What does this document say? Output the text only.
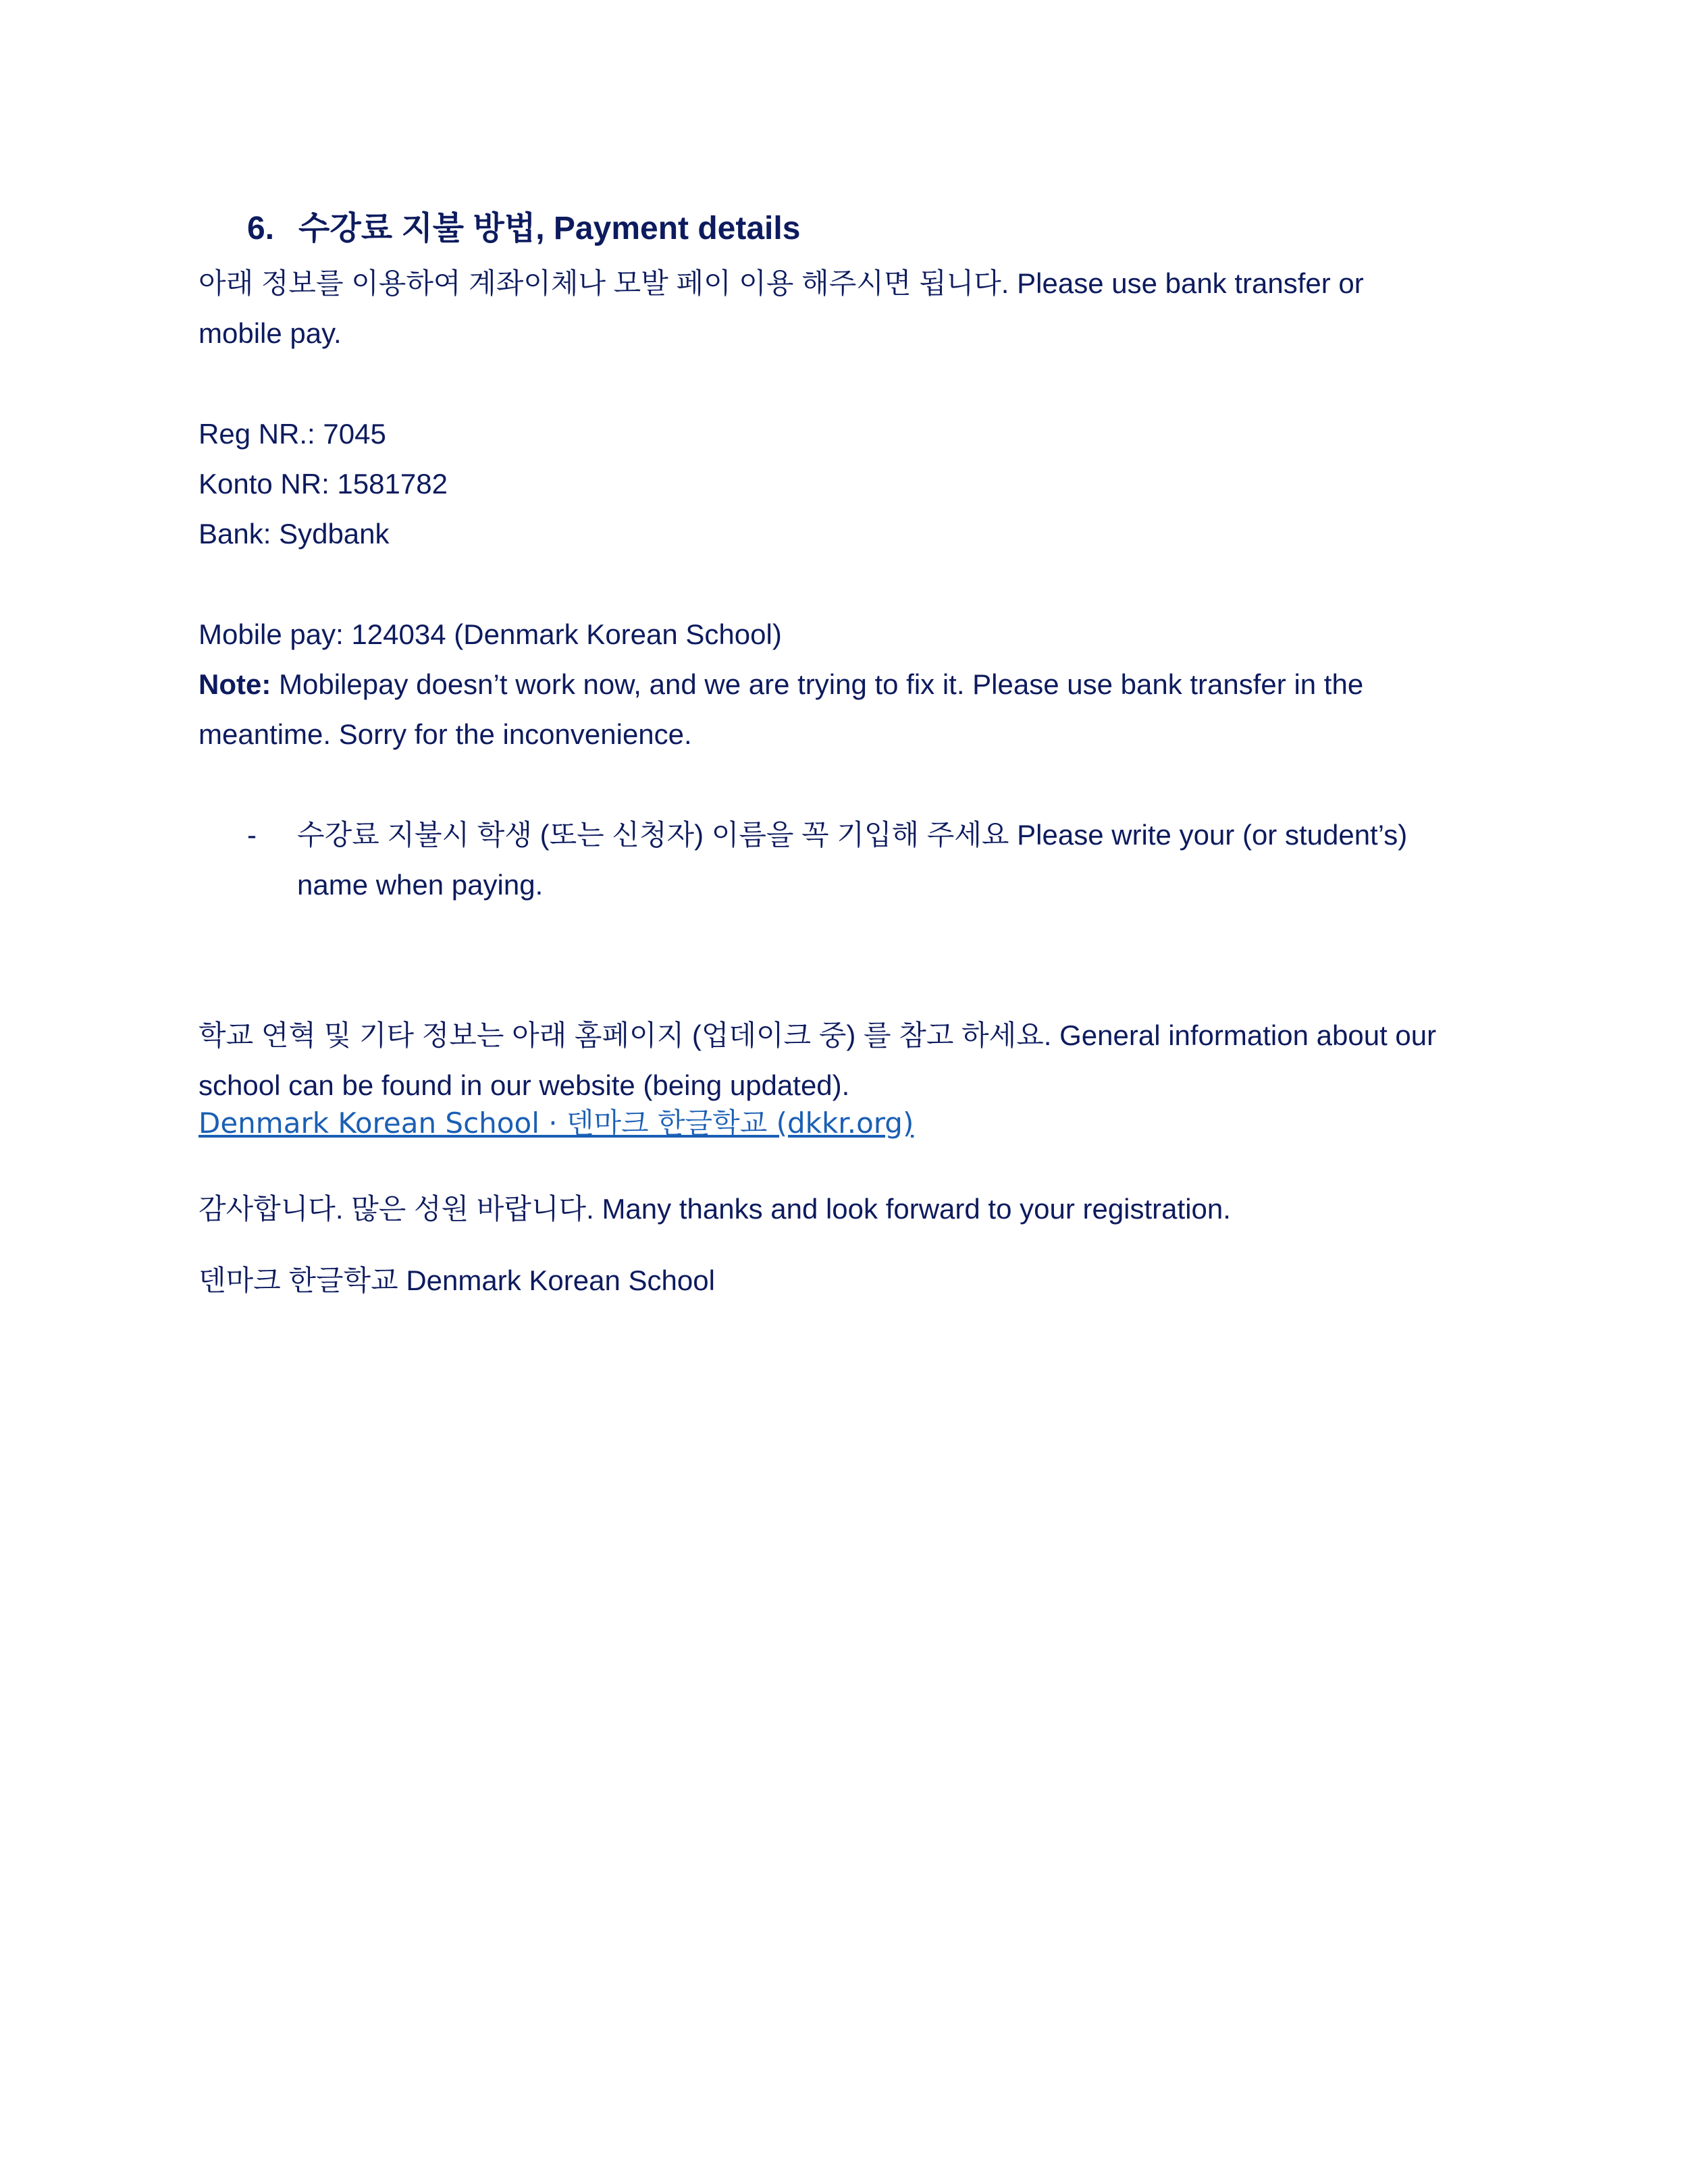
6. 수강료 지불 방법, Payment details
아래 정보를 이용하여 계좌이체나 모발 페이 이용 해주시면 됩니다. Please use bank transfer or
mobile pay.
Reg NR.: 7045
Konto NR: 1581782
Bank: Sydbank
Mobile pay: 124034 (Denmark Korean School)
Note: Mobilepay doesn’t work now, and we are trying to fix it. Please use bank transfer in the
meantime. Sorry for the inconvenience.
- 수강료 지불시 학생 (또는 신청자) 이름을 꼭 기입해 주세요 Please write your (or student’s)
name when paying.
학교 연혁 및 기타 정보는 아래 홈페이지 (업데이크 중) 를 참고 하세요. General information about our
school can be found in our website (being updated).
Denmark Korean School · 덴마크 한글학교 (dkkr.org)
감사합니다. 많은 성원 바랍니다. Many thanks and look forward to your registration.
덴마크 한글학교 Denmark Korean School
